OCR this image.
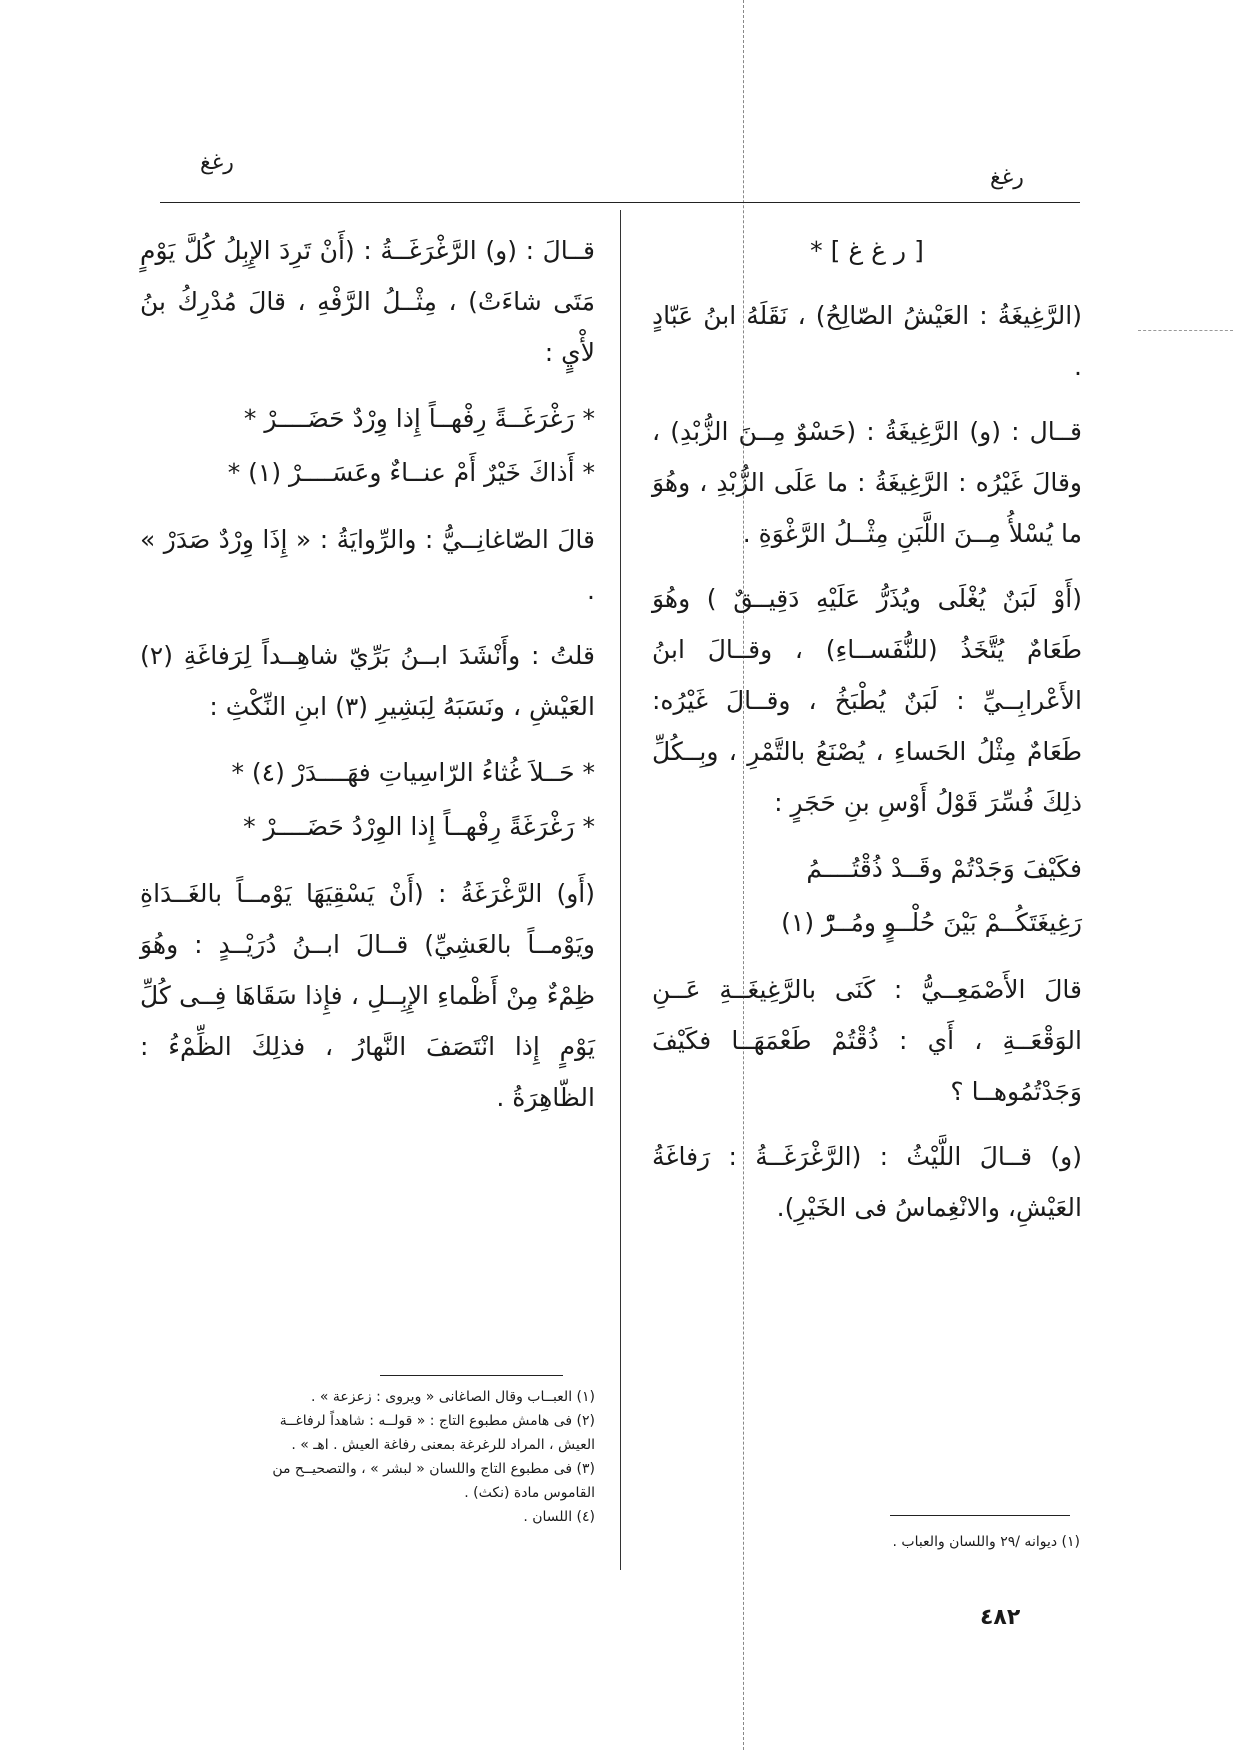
رغغ
رغغ

[ ر غ غ ] *

(الرَّغِيغَةُ : العَيْشُ الصّالِحُ) ، نَقَلَهُ ابنُ عَبّادٍ .

قــال : (و) الرَّغِيغَةُ : (حَسْوٌ مِــنَ الزُّبْدِ) ، وقالَ غَيْرُه : الرَّغِيغَةُ : ما عَلَى الزُّبْدِ ، وهُوَ ما يُسْلأُ مِــنَ اللَّبَنِ مِثْــلُ الرَّغْوَةِ .

(أَوْ لَبَنٌ يُغْلَى ويُذَرُّ عَلَيْهِ دَقِيــقٌ ) وهُوَ طَعَامٌ يُتَّخَذُ (للنُّفَســاءِ) ، وقــالَ ابنُ الأَعْرابِــيِّ : لَبَنٌ يُطْبَخُ ، وقــالَ غَيْرُه: طَعَامٌ مِثْلُ الحَساءِ ، يُصْنَعُ بالتَّمْرِ ، وبِــكُلِّ ذلِكَ فُسِّرَ قَوْلُ أَوْسِ بنِ حَجَرٍ :

فكَيْفَ وَجَدْتُمْ وقَــدْ ذُقْتُــــمُ
رَغِيغَتَكُــمْ بَيْنَ حُلْــوٍ ومُــرّْ (١)

قالَ الأَصْمَعِــيُّ : كَنَى بالرَّغِيغَــةِ عَــنِ الوَقْعَــةِ ، أَي : ذُقْتُمْ طَعْمَهَــا فكَيْفَ وَجَدْتُمُوهــا ؟

(و) قــالَ اللَّيْثُ : (الرَّغْرَغَــةُ : رَفاغَةُ العَيْشِ، والانْغِماسُ فى الخَيْرِ).

(١) ديوانه /٢٩ واللسان والعباب .

قــالَ : (و) الرَّغْرَغَــةُ : (أَنْ تَرِدَ الإِبِلُ كُلَّ يَوْمٍ مَتَى شاءَتْ) ، مِثْــلُ الرَّفْهِ ، قالَ مُدْرِكُ بنُ لأْيٍ :

* رَغْرَغَــةً رِفْهــاً إِذا وِرْدٌ حَضَــــرْ *
* أَذاكَ خَيْرٌ أَمْ عنــاءٌ وعَسَــــرْ (١) *

قالَ الصّاغانِــيُّ : والرِّوايَةُ : « إِذَا وِرْدٌ صَدَرْ » .

قلتُ : وأَنْشَدَ ابــنُ بَرِّيّ شاهِــداً لِرَفاغَةِ (٢) العَيْشِ ، ونَسَبَهُ لِبَشِيرِ (٣) ابنِ النِّكْثِ :

* حَــلاَ غُثاءُ الرّاسِياتِ فهَــــدَرْ (٤) *
* رَغْرَغَةً رِفْهــاً إِذا الوِرْدُ حَضَــــرْ *

(أَو) الرَّغْرَغَةُ : (أَنْ يَسْقِيَهَا يَوْمــاً بالغَــدَاةِ ويَوْمــاً بالعَشِيِّ) قــالَ ابــنُ دُرَيْــدٍ : وهُوَ ظِمْءٌ مِنْ أَظْماءِ الإِبِــلِ ، فإِذا سَقَاهَا فِــى كُلِّ يَوْمٍ إِذا انْتَصَفَ النَّهارُ ، فذلِكَ الظِّمْءُ : الظّاهِرَةُ .

(١) العبــاب وقال الصاغانى « ويروى : زعزعة » .
(٢) فى هامش مطبوع التاج : « قولــه : شاهداً لرفاغــة
العيش ، المراد للرغرغة بمعنى رفاغة العيش . اهـ » .
(٣) فى مطبوع التاج واللسان « لبشر » ، والتصحيــح من
القاموس مادة (نكث) .
(٤) اللسان .
٤٨٢
